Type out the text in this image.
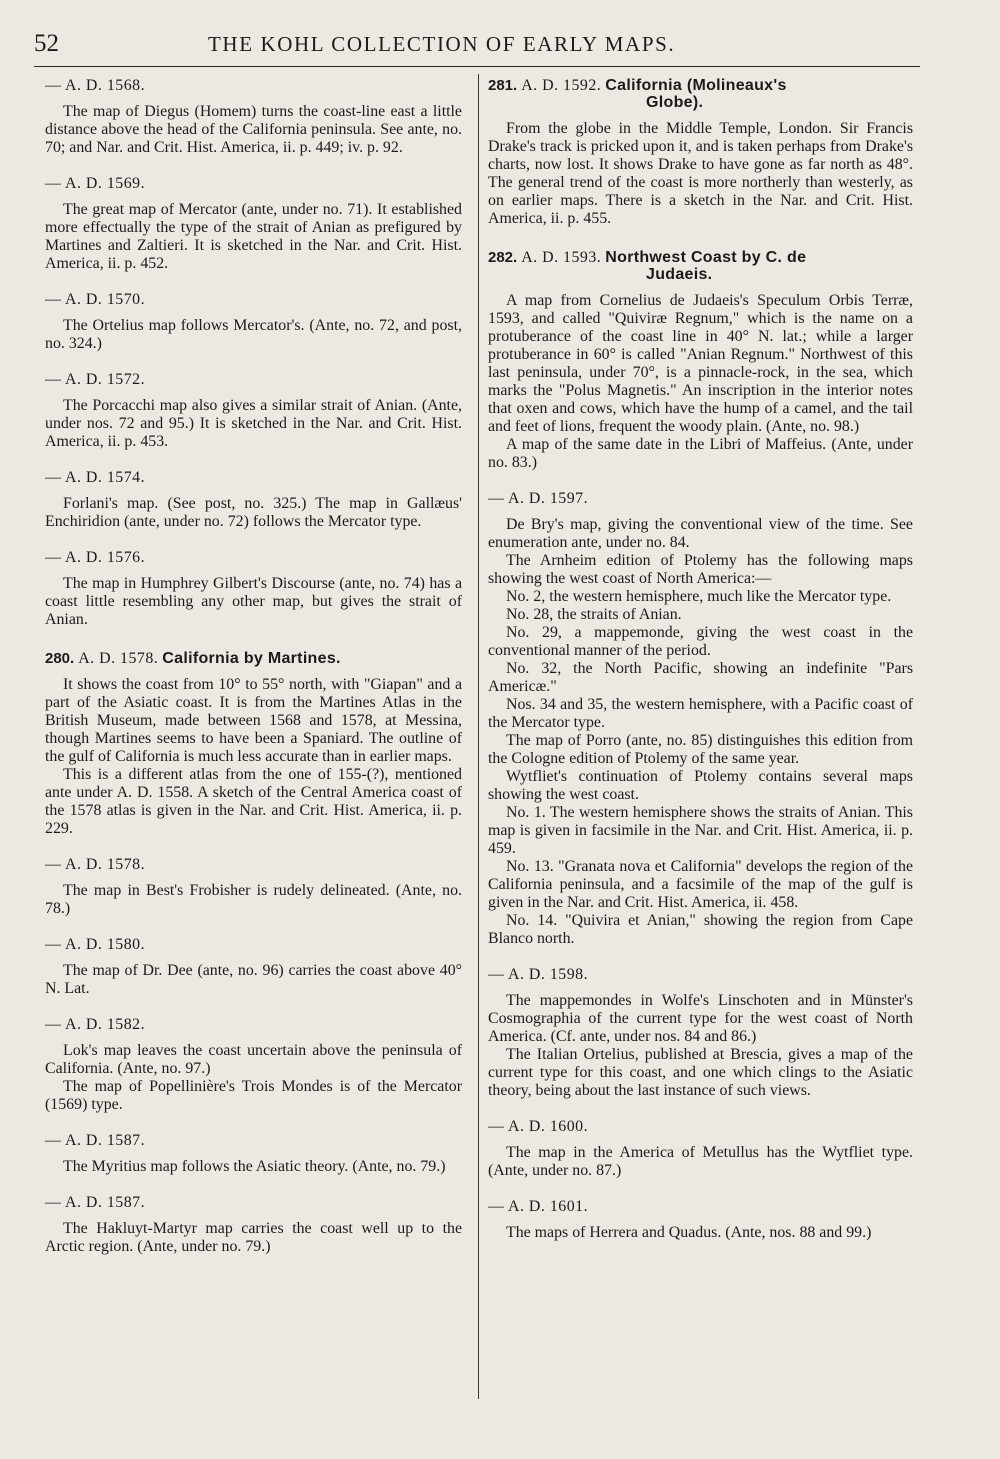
52	THE KOHL COLLECTION OF EARLY MAPS.
— A. D. 1568.

The map of Diegus (Homem) turns the coast-line east a little distance above the head of the California peninsula. See ante, no. 70; and Nar. and Crit. Hist. America, ii. p. 449; iv. p. 92.

— A. D. 1569.

The great map of Mercator (ante, under no. 71). It established more effectually the type of the strait of Anian as prefigured by Martines and Zaltieri. It is sketched in the Nar. and Crit. Hist. America, ii. p. 452.

— A. D. 1570.

The Ortelius map follows Mercator's. (Ante, no. 72, and post, no. 324.)

— A. D. 1572.

The Porcacchi map also gives a similar strait of Anian. (Ante, under nos. 72 and 95.) It is sketched in the Nar. and Crit. Hist. America, ii. p. 453.

— A. D. 1574.

Forlani's map. (See post, no. 325.) The map in Gallæus' Enchiridion (ante, under no. 72) follows the Mercator type.

— A. D. 1576.

The map in Humphrey Gilbert's Discourse (ante, no. 74) has a coast little resembling any other map, but gives the strait of Anian.

280. A. D. 1578. California by Martines.

It shows the coast from 10° to 55° north, with "Giapan" and a part of the Asiatic coast. It is from the Martines Atlas in the British Museum, made between 1568 and 1578, at Messina, though Martines seems to have been a Spaniard. The outline of the gulf of California is much less accurate than in earlier maps.

This is a different atlas from the one of 155-(?), mentioned ante under A. D. 1558. A sketch of the Central America coast of the 1578 atlas is given in the Nar. and Crit. Hist. America, ii. p. 229.

— A. D. 1578.

The map in Best's Frobisher is rudely delineated. (Ante, no. 78.)

— A. D. 1580.

The map of Dr. Dee (ante, no. 96) carries the coast above 40° N. Lat.

— A. D. 1582.

Lok's map leaves the coast uncertain above the peninsula of California. (Ante, no. 97.)

The map of Popellinière's Trois Mondes is of the Mercator (1569) type.

— A. D. 1587.

The Myritius map follows the Asiatic theory. (Ante, no. 79.)

— A. D. 1587.

The Hakluyt-Martyr map carries the coast well up to the Arctic region. (Ante, under no. 79.)

281. A. D. 1592. California (Molineaux's
Globe).

From the globe in the Middle Temple, London. Sir Francis Drake's track is pricked upon it, and is taken perhaps from Drake's charts, now lost. It shows Drake to have gone as far north as 48°. The general trend of the coast is more northerly than westerly, as on earlier maps. There is a sketch in the Nar. and Crit. Hist. America, ii. p. 455.

282. A. D. 1593. Northwest Coast by C. de
Judaeis.

A map from Cornelius de Judaeis's Speculum Orbis Terræ, 1593, and called "Quiviræ Regnum," which is the name on a protuberance of the coast line in 40° N. lat.; while a larger protuberance in 60° is called "Anian Regnum." Northwest of this last peninsula, under 70°, is a pinnacle-rock, in the sea, which marks the "Polus Magnetis." An inscription in the interior notes that oxen and cows, which have the hump of a camel, and the tail and feet of lions, frequent the woody plain. (Ante, no. 98.)

A map of the same date in the Libri of Maffeius. (Ante, under no. 83.)

— A. D. 1597.

De Bry's map, giving the conventional view of the time. See enumeration ante, under no. 84.

The Arnheim edition of Ptolemy has the following maps showing the west coast of North America:—

No. 2, the western hemisphere, much like the Mercator type.

No. 28, the straits of Anian.

No. 29, a mappemonde, giving the west coast in the conventional manner of the period.

No. 32, the North Pacific, showing an indefinite "Pars Americæ."

Nos. 34 and 35, the western hemisphere, with a Pacific coast of the Mercator type.

The map of Porro (ante, no. 85) distinguishes this edition from the Cologne edition of Ptolemy of the same year.

Wytfliet's continuation of Ptolemy contains several maps showing the west coast.

No. 1. The western hemisphere shows the straits of Anian. This map is given in facsimile in the Nar. and Crit. Hist. America, ii. p. 459.

No. 13. "Granata nova et California" develops the region of the California peninsula, and a facsimile of the map of the gulf is given in the Nar. and Crit. Hist. America, ii. 458.

No. 14. "Quivira et Anian," showing the region from Cape Blanco north.

— A. D. 1598.

The mappemondes in Wolfe's Linschoten and in Münster's Cosmographia of the current type for the west coast of North America. (Cf. ante, under nos. 84 and 86.)

The Italian Ortelius, published at Brescia, gives a map of the current type for this coast, and one which clings to the Asiatic theory, being about the last instance of such views.

— A. D. 1600.

The map in the America of Metullus has the Wytfliet type. (Ante, under no. 87.)

— A. D. 1601.

The maps of Herrera and Quadus. (Ante, nos. 88 and 99.)
